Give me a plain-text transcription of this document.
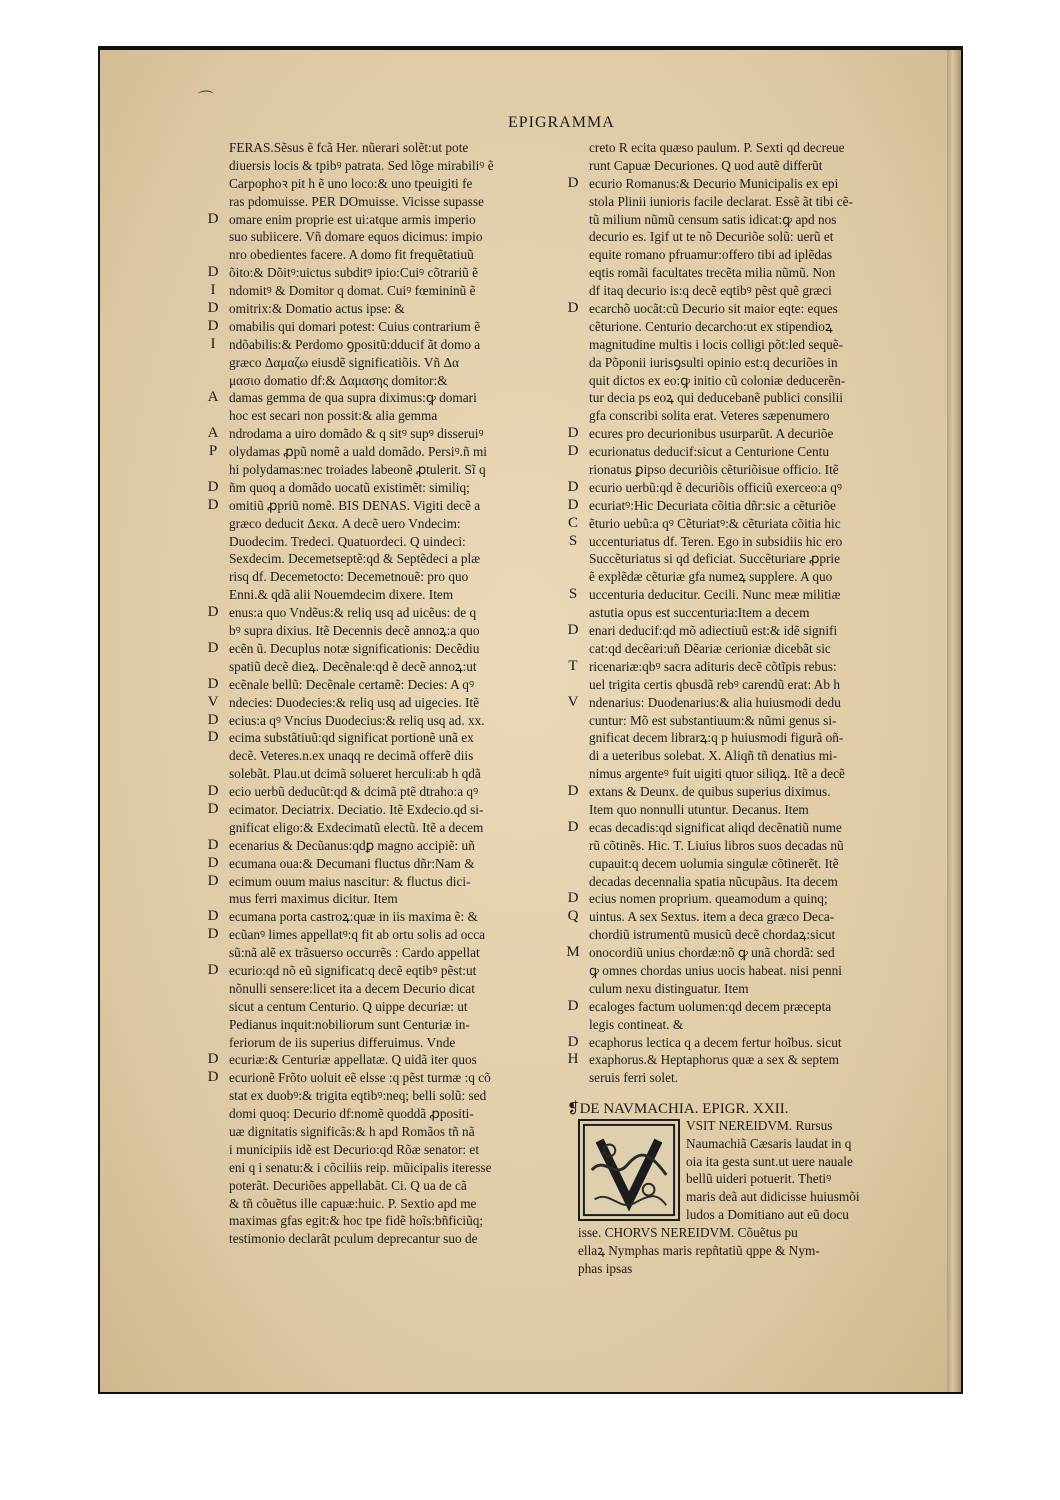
⌒
EPIGRAMMA
FERAS.Sẽsus ẽ fcã Her. nũerari solẽt:ut pote
diuersis locis & tpibꝰ patrata. Sed lõge mirabiliꝰ ẽ
Carpophoꝛ pit h ẽ uno loco:& uno tpeuigiti fe
ras pdomuisse. PER DOmuisse. Vicisse supasse
D omare enim proprie est ui:atque armis imperio
suo subiicere. Vñ domare equos dicimus: impio
nro obedientes facere. A domo fit frequẽtatiuũ
D õito:& Dõitꝰ:uictus subditꝰ ipio:Cuiꝰ cõtrariũ ẽ
I	ndomitꝰ & Domitor q domat. Cuiꝰ fœmininũ ẽ
D omitrix:& Domatio actus ipse: &
D omabilis qui domari potest: Cuius contrarium ẽ
I	ndõabilis:& Perdomo ꝯpositũ:dducif ãt domo a
græco Δαμαζω eiusdẽ significatiõis. Vñ Δα
μασιο domatio df:& Δαμασης domitor:&
A damas gemma de qua supra diximus:ꝙ domari
hoc est secari non possit:& alia gemma
A ndrodama a uiro domãdo & q sitꝰ supꝰ disseruiꝰ
P olydamas ꝓpũ nomẽ a uald domãdo. Persiꝰ.ñ mi
hi polydamas:nec troiades labeonẽ ꝓtulerit. Sĩ q
D ñm quoq a domãdo uocatũ existimẽt: similiq;
D omitiũ ꝓpriũ nomẽ. BIS DENAS. Vigiti decẽ a
græco deducit Δεκα. A decẽ uero Vndecim:
Duodecim. Tredeci. Quatuordeci. Q uindeci:
Sexdecim. Decemetseptẽ:qd & Septẽdeci a plæ
risq df. Decemetocto: Decemetnouẽ: pro quo
Enni.& qdã alii Nouemdecim dixere. Item
D enus:a quo Vndẽus:& reliq usq ad uicẽus: de q
bꝰ supra dixius. Itẽ Decennis decẽ annoꝝ:a quo
D ecẽn ũ. Decuplus notæ significationis: Decẽdiu
spatiũ decẽ dieꝝ. Decẽnale:qd ẽ decẽ annoꝝ:ut
D ecẽnale bellũ: Decẽnale certamẽ: Decies: A qꝰ
V ndecies: Duodecies:& reliq usq ad uigecies. Itẽ
D ecius:a qꝰ Vncius Duodecius:& reliq usq ad. xx.
D ecima substãtiuũ:qd significat portionẽ unã ex
decẽ. Veteres.n.ex unaqq re decimã offerẽ diis
solebãt. Plau.ut dcimã solueret herculi:ab h qdã
D ecio uerbũ deducũt:qd & dcimã ptẽ dtraho:a qꝰ
D ecimator. Deciatrix. Deciatio. Itẽ Exdecio.qd si-
gnificat eligo:& Exdecimatũ electũ. Itẽ a decem
D ecenarius & Decũanus:qdꝑ magno accipiẽ: uñ
D ecumana oua:& Decumani fluctus dñr:Nam &
D ecimum ouum maius nascitur: & fluctus dici-
mus ferri maximus dicitur. Item
D ecumana porta castroꝝ:quæ in iis maxima ẽ: &
D ecũanꝰ limes appellatꝰ:q fit ab ortu solis ad occa
sũ:nã alẽ ex trãsuerso occurrẽs : Cardo appellat
D ecurio:qd nõ eũ significat:q decẽ eqtibꝰ pẽst:ut
nõnulli sensere:licet ita a decem Decurio dicat
sicut a centum Centurio. Q uippe decuriæ: ut
Pedianus inquit:nobiliorum sunt Centuriæ in-
feriorum de iis superius differuimus. Vnde
D ecuriæ:& Centuriæ appellatæ. Q uidã iter quos
D ecurionẽ Frõto uoluit eẽ elsse :q pẽst turmæ :q cõ
stat ex duobꝰ:& trigita eqtibꝰ:neq; belli solũ: sed
domi quoq: Decurio df:nomẽ quoddã ꝓpositi-
uæ dignitatis significãs:& h apd Romãos tñ nã
i municipiis idẽ est Decurio:qd Rõæ senator: et
eni q i senatu:& i cõciliis reip. mũicipalis iteresse
poterãt. Decuriões appellabãt. Ci. Q ua de cã
& tñ cõuẽtus ille capuæ:huic. P. Sextio apd me
maximas gfas egit:& hoc tpe fidẽ hoĩs:bñficiũq;
testimonio declarãt pculum deprecantur suo de
creto R ecita quæso paulum. P. Sexti qd decreue
runt Capuæ Decuriones. Q uod autẽ differũt
D ecurio Romanus:& Decurio Municipalis ex epi
stola Plinii iunioris facile declarat. Essẽ ãt tibi cẽ-
tũ milium nũmũ censum satis idicat:ꝙ apd nos
decurio es. Igif ut te nõ Decuriõe solũ: uerũ et
equite romano pfruamur:offero tibi ad iplẽdas
eqtis romãi facultates trecẽta milia nũmũ. Non
df itaq decurio is:q decẽ eqtibꝰ pẽst quẽ græci
D ecarchõ uocãt:cũ Decurio sit maior eqte: eques
cẽturione. Centurio decarcho:ut ex stipendioꝝ
magnitudine multis i locis colligi põt:led sequẽ-
da Põponii iurisꝯsulti opinio est:q decuriões in
quit dictos ex eo:ꝙ initio cũ coloniæ deducerẽn-
tur decia ps eoꝝ qui deducebanẽ publici consilii
gfa conscribi solita erat. Veteres sæpenumero
D ecures pro decurionibus usurparũt. A decuriõe
D ecurionatus deducif:sicut a Centurione Centu
rionatus ꝑipso decuriõis cẽturiõisue officio. Itẽ
D ecurio uerbũ:qd ẽ decuriõis officiũ exerceo:a qꝰ
D ecuriatꝰ:Hic Decuriata cõitia dñr:sic a cẽturiõe
C ẽturio uebũ:a qꝰ Cẽturiatꝰ:& cẽturiata cõitia hic
S uccenturiatus df. Teren. Ego in subsidiis hic ero
Succẽturiatus si qd deficiat. Succẽturiare ꝓprie
ẽ explẽdæ cẽturiæ gfa numeꝝ supplere. A quo
S uccenturia deducitur. Cecili. Nunc meæ militiæ
astutia opus est succenturia:Item a decem
D enari deducif:qd mõ adiectiuũ est:& idẽ signifi
cat:qd decẽari:uñ Dẽariæ cerioniæ dicebãt sic
T ricenariæ:qbꝰ sacra adituris decẽ cõtĩpis rebus:
uel trigita certis qbusdã rebꝰ carendũ erat: Ab h
V ndenarius: Duodenarius:& alia huiusmodi dedu
cuntur: Mõ est substantiuum:& nũmi genus si-
gnificat decem librarꝝ:q p huiusmodi figurã oñ-
di a ueteribus solebat. X. Aliqñ tñ denatius mi-
nimus argenteꝰ fuit uigiti qtuor siliqꝝ. Itẽ a decẽ
D extans & Deunx. de quibus superius diximus.
Item quo nonnulli utuntur. Decanus. Item
D ecas decadis:qd significat aliqd decẽnatiũ nume
rũ cõtinẽs. Hic. T. Liuius libros suos decadas nũ
cupauit:q decem uolumia singulæ cõtinerẽt. Itẽ
decadas decennalia spatia nũcupãus. Ita decem
D ecius nomen proprium. queamodum a quinq;
Q uintus. A sex Sextus. item a deca græco Deca-
chordiũ istrumentũ musicũ decẽ chordaꝝ:sicut
M onocordiũ unius chordæ:nõ ꝙ unã chordã: sed
ꝙ omnes chordas unius uocis habeat. nisi penni
culum nexu distinguatur. Item
D ecaloges factum uolumen:qd decem præcepta
legis contineat. &
D ecaphorus lectica q a decem fertur hoĩbus. sicut
H exaphorus.& Heptaphorus quæ a sex & septem
seruis ferri solet.
❡DE NAVMACHIA. EPIGR. XXII.
VSIT NEREIDVM. Rursus
Naumachiã Cæsaris laudat in q
oia ita gesta sunt.ut uere nauale
bellũ uideri potuerit. Thetiꝰ
maris deã aut didicisse huiusmõi
ludos a Domitiano aut eũ docu
isse. CHORVS NEREIDVM. Cõuẽtus pu
ellaꝝ Nymphas maris repñtatiũ qppe & Nym-
phas ipsas
